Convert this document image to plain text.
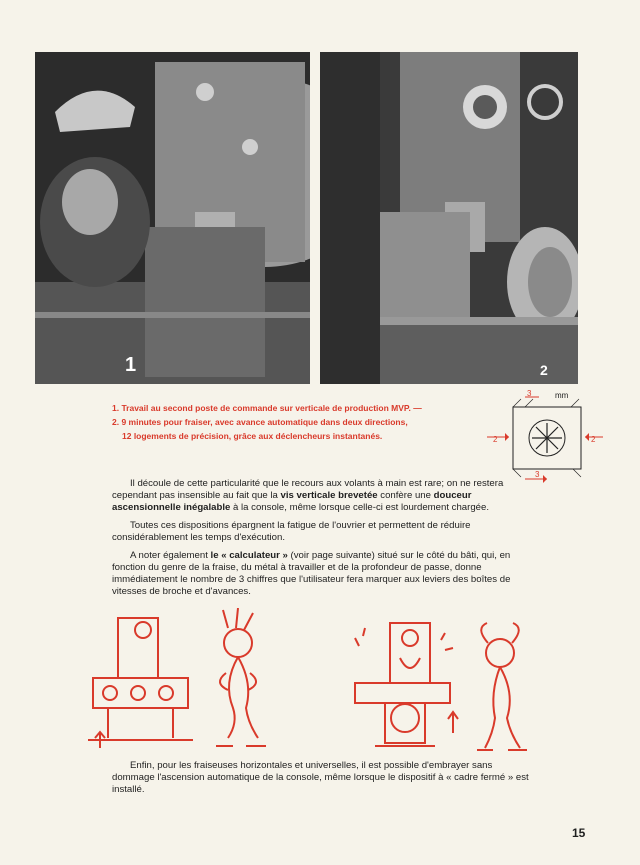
1	2

1. Travail au second poste de commande sur verticale de production MVP. —

2. 9 minutes pour fraiser, avec avance automatique dans deux directions,

12 logements de précision, grâce aux déclencheurs instantanés.

mm
3
2	2
3

Il découle de cette particularité que le recours aux volants à main est rare; on ne restera cependant pas insensible au fait que la vis verticale brevetée confère une douceur ascensionnelle inégalable à la console, même lorsque celle-ci est lourdement chargée.

Toutes ces dispositions épargnent la fatigue de l'ouvrier et permettent de réduire considérablement les temps d'exécution.

A noter également le « calculateur » (voir page suivante) situé sur le côté du bâti, qui, en fonction du genre de la fraise, du métal à travailler et de la profondeur de passe, donne immédiatement le nombre de 3 chiffres que l'utilisateur fera marquer aux leviers des boîtes de vitesses de broche et d'avances.

Enfin, pour les fraiseuses horizontales et universelles, il est possible d'embrayer sans dommage l'ascension automatique de la console, même lorsque le dispositif à « cadre fermé » est installé.

15
